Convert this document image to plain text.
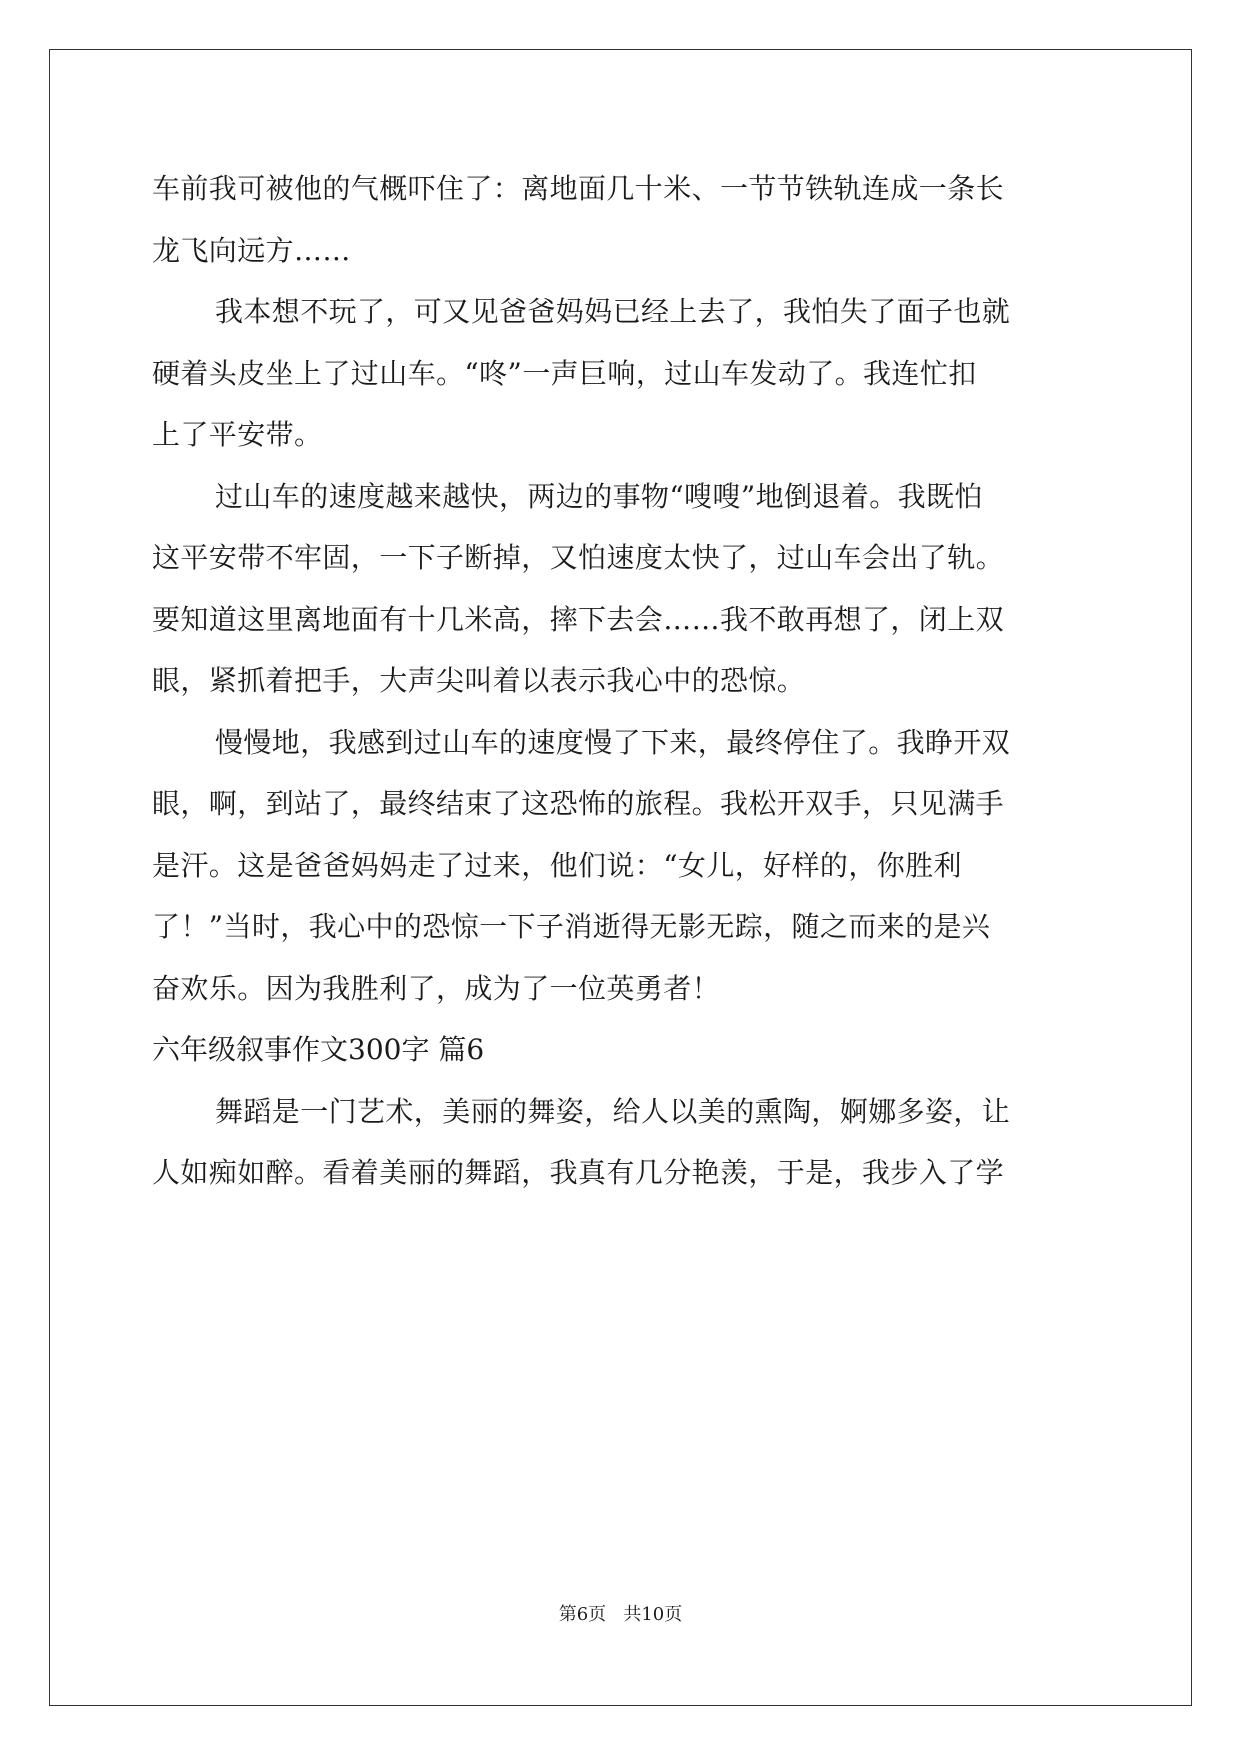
车前我可被他的气概吓住了：离地面几十米、一节节铁轨连成一条长
龙飞向远方……
我本想不玩了，可又见爸爸妈妈已经上去了，我怕失了面子也就
硬着头皮坐上了过山车。“咚”一声巨响，过山车发动了。我连忙扣
上了平安带。
过山车的速度越来越快，两边的事物“嗖嗖”地倒退着。我既怕
这平安带不牢固，一下子断掉，又怕速度太快了，过山车会出了轨。
要知道这里离地面有十几米高，摔下去会……我不敢再想了，闭上双
眼，紧抓着把手，大声尖叫着以表示我心中的恐惊。
慢慢地，我感到过山车的速度慢了下来，最终停住了。我睁开双
眼，啊，到站了，最终结束了这恐怖的旅程。我松开双手，只见满手
是汗。这是爸爸妈妈走了过来，他们说：“女儿，好样的，你胜利
了！”当时，我心中的恐惊一下子消逝得无影无踪，随之而来的是兴
奋欢乐。因为我胜利了，成为了一位英勇者！
六年级叙事作文300字 篇6
舞蹈是一门艺术，美丽的舞姿，给人以美的熏陶，婀娜多姿，让
人如痴如醉。看着美丽的舞蹈，我真有几分艳羡，于是，我步入了学
第6页   共10页
